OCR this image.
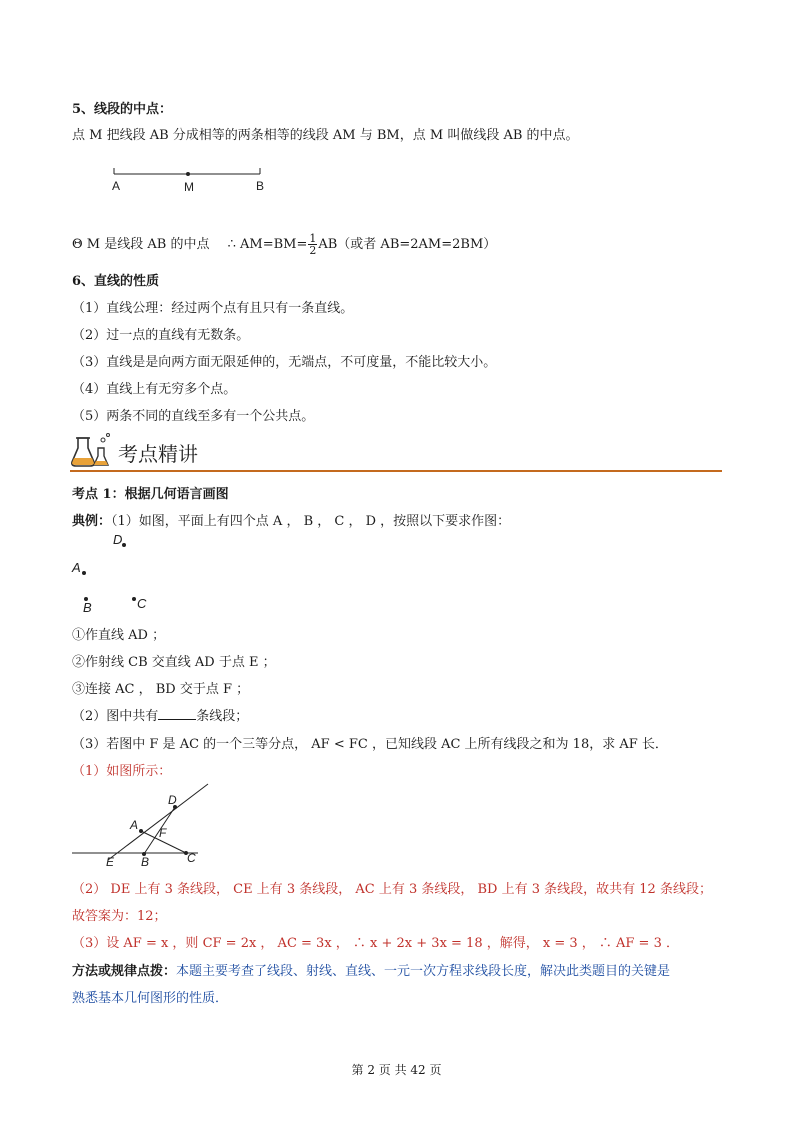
5、线段的中点：
点 M 把线段 AB 分成相等的两条相等的线段 AM 与 BM，点 M 叫做线段 AB 的中点。
A	M	B
Θ M 是线段 AB 的中点 ∴ $AM=BM= \frac{1}{2} AB$（或者 AB=2AM=2BM）
6、直线的性质
（1）直线公理：经过两个点有且只有一条直线。
（2）过一点的直线有无数条。
（3）直线是是向两方面无限延伸的，无端点，不可度量，不能比较大小。
（4）直线上有无穷多个点。
（5）两条不同的直线至多有一个公共点。
考点精讲
考点 1：根据几何语言画图
典例：（1）如图，平面上有四个点 A ， B ， C ， D ，按照以下要求作图：
D
A
B	C
①作直线 AD ；
②作射线 CB 交直线 AD 于点 E ；
③连接 AC ， BD 交于点 F ；
（2）图中共有	条线段；
（3）若图中 F 是 AC 的一个三等分点， AF < FC ，已知线段 AC 上所有线段之和为 18，求 AF 长．
（1）如图所示：
D
A
F
E B	C
（2） DE 上有 3 条线段， CE 上有 3 条线段， AC 上有 3 条线段， BD 上有 3 条线段，故共有 12 条线段；
故答案为：12；
（3）设 AF = x ，则 CF = 2x ， AC = 3x ， ∴ x + 2x + 3x = 18 ，解得， x = 3 ， ∴ AF = 3 ．
方法或规律点拨：本题主要考查了线段、射线、直线、一元一次方程求线段长度，解决此类题目的关键是
熟悉基本几何图形的性质．
第 2 页 共 42 页
